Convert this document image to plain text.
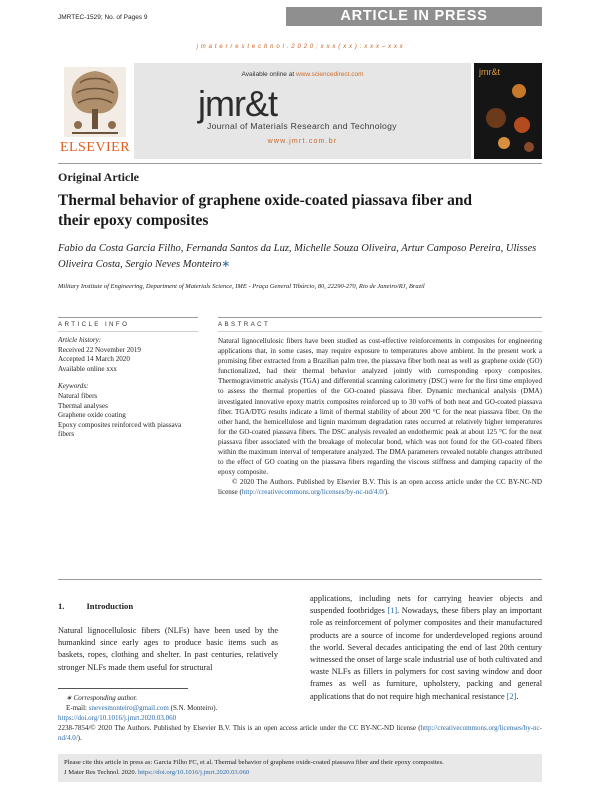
JMRTEC-1529; No. of Pages 9	ARTICLE IN PRESS
j m a t e r r e s t e c h n o l . 2 0 2 0 ; x x x ( x x ) : x x x – x x x
ELSEVIER
Available online at www.sciencedirect.com
jmr&t
Journal of Materials Research and Technology
www.jmrt.com.br
jmr&t
Original Article
Thermal behavior of graphene oxide-coated piassava fiber and their epoxy composites
Fabio da Costa Garcia Filho, Fernanda Santos da Luz, Michelle Souza Oliveira, Artur Camposo Pereira, Ulisses Oliveira Costa, Sergio Neves Monteiro∗
Military Institute of Engineering, Department of Materials Science, IME - Praça General Tibúrcio, 80, 22290-270, Rio de Janeiro/RJ, Brazil
ARTICLE INFO	ABSTRACT
Article history:
Received 22 November 2019
Accepted 14 March 2020
Available online xxx
Keywords:
Natural fibers
Thermal analyses
Graphene oxide coating
Epoxy composites reinforced with piassava fibers
Natural lignocellulosic fibers have been studied as cost-effective reinforcements in composites for engineering applications that, in some cases, may require exposure to temperatures above ambient. In the present work a promising fiber extracted from a Brazilian palm tree, the piassava fiber both neat as well as graphene oxide (GO) functionalized, had their thermal behavior analyzed jointly with corresponding epoxy composites. Thermogravimetric analysis (TGA) and differential scanning calorimetry (DSC) were for the first time employed to assess the thermal properties of the GO-coated piassava fiber. Dynamic mechanical analysis (DMA) investigated innovative epoxy matrix composites reinforced up to 30 vol% of both neat and GO-coated piassava fiber. TGA/DTG results indicate a limit of thermal stability of about 200 °C for the neat piassava fiber. On the other hand, the hemicellulose and lignin maximum degradation rates occurred at relatively higher temperatures for the GO-coated piassava fibers. The DSC analysis revealed an endothermic peak at about 125 °C for the neat piassava fiber associated with the breakage of molecular bond, which was not found for the GO-coated fibers within the maximum interval of temperature analyzed. The DMA parameters revealed notable changes attributed to the effect of GO coating on the piassava fibers regarding the viscous stiffness and damping capacity of the epoxy composite.
© 2020 The Authors. Published by Elsevier B.V. This is an open access article under the CC BY-NC-ND license (http://creativecommons.org/licenses/by-nc-nd/4.0/).
1.	Introduction
Natural lignocellulosic fibers (NLFs) have been used by the humankind since early ages to produce basic items such as baskets, ropes, clothing and shelter. In past centuries, relatively stronger NLFs made them useful for structural
applications, including nets for carrying heavier objects and suspended footbridges [1]. Nowadays, these fibers play an important role as reinforcement of polymer composites and their manufactured products are a source of income for underdeveloped regions around the world. Several decades anticipating the end of last 20th century witnessed the onset of large scale industrial use of both cultivated and waste NLFs as fillers in polymers for cost saving window and door frames as well as furniture, upholstery, packing and general applications that do not require high mechanical resistance [2].
∗ Corresponding author.
E-mail: snevesmonteiro@gmail.com (S.N. Monteiro).
https://doi.org/10.1016/j.jmrt.2020.03.060
2238-7854/© 2020 The Authors. Published by Elsevier B.V. This is an open access article under the CC BY-NC-ND license (http://creativecommons.org/licenses/by-nc-nd/4.0/).
Please cite this article in press as: Garcia Filho FC, et al. Thermal behavior of graphene oxide-coated piassava fiber and their epoxy composites.
J Mater Res Technol. 2020. https://doi.org/10.1016/j.jmrt.2020.03.060
